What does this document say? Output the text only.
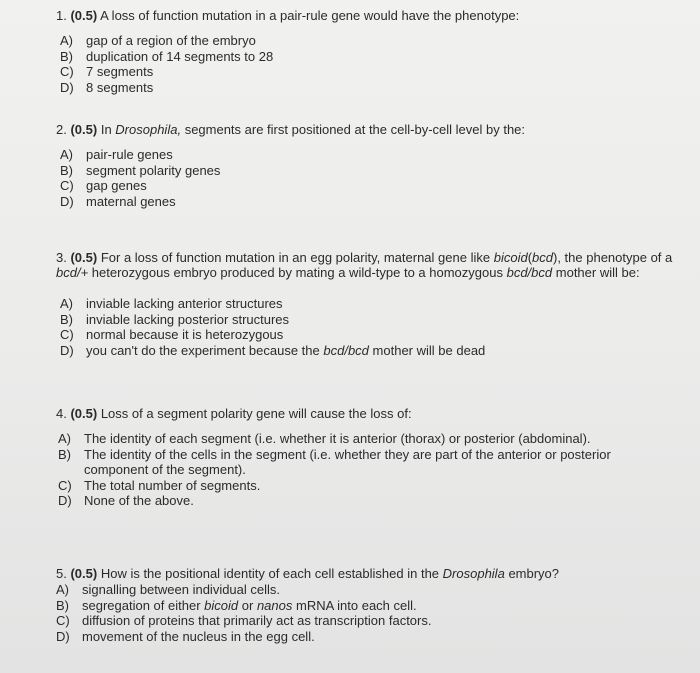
1. (0.5) A loss of function mutation in a pair-rule gene would have the phenotype:

A)	gap of a region of the embryo
B)	duplication of 14 segments to 28
C) 7 segments
D) 8 segments

2. (0.5) In Drosophila, segments are first positioned at the cell-by-cell level by the:

A)	pair-rule genes
B)	segment polarity genes
C) gap genes
D) maternal genes

3. (0.5) For a loss of function mutation in an egg polarity, maternal gene like bicoid(bcd), the phenotype of a bcd/+ heterozygous embryo produced by mating a wild-type to a homozygous bcd/bcd mother will be:

A)	inviable lacking anterior structures
B)	inviable lacking posterior structures
C) normal because it is heterozygous
D) you can't do the experiment because the bcd/bcd mother will be dead

4. (0.5) Loss of a segment polarity gene will cause the loss of:

A)	The identity of each segment (i.e. whether it is anterior (thorax) or posterior (abdominal).
B)	The identity of the cells in the segment (i.e. whether they are part of the anterior or posterior component of the segment).
C) The total number of segments.
D) None of the above.

5. (0.5) How is the positional identity of each cell established in the Drosophila embryo?

A)	signalling between individual cells.
B)	segregation of either bicoid or nanos mRNA into each cell.
C) diffusion of proteins that primarily act as transcription factors.
D) movement of the nucleus in the egg cell.
